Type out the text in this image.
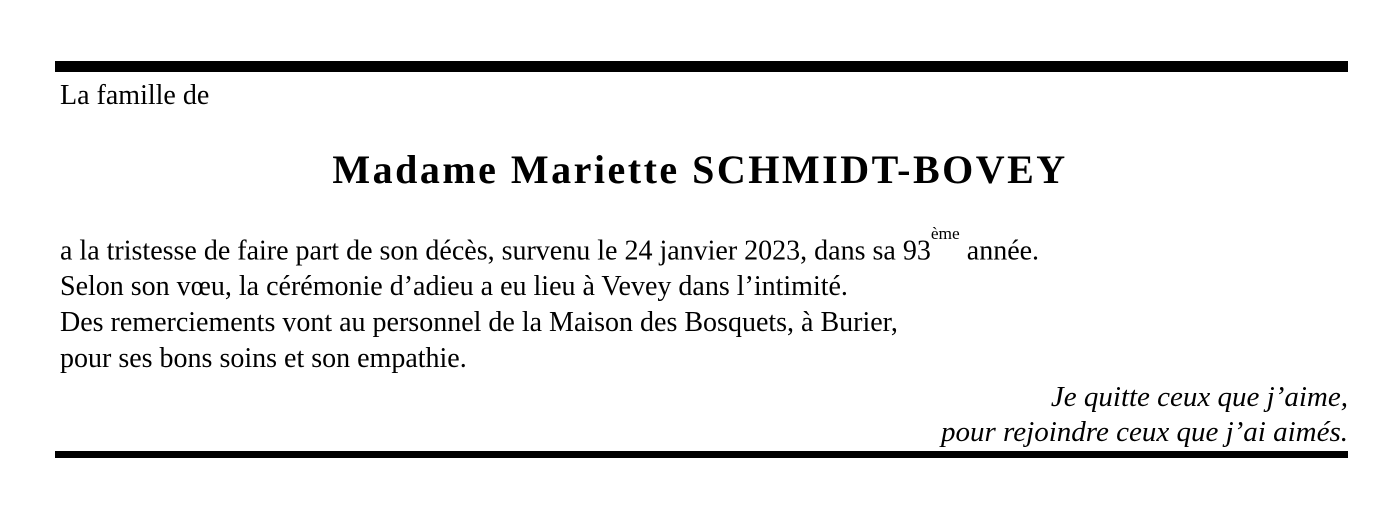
La famille de
Madame Mariette SCHMIDT-BOVEY
a la tristesse de faire part de son décès, survenu le 24 janvier 2023, dans sa 93ème année.
Selon son vœu, la cérémonie d’adieu a eu lieu à Vevey dans l’intimité.
Des remerciements vont au personnel de la Maison des Bosquets, à Burier,
pour ses bons soins et son empathie.
Je quitte ceux que j’aime,
pour rejoindre ceux que j’ai aimés.
